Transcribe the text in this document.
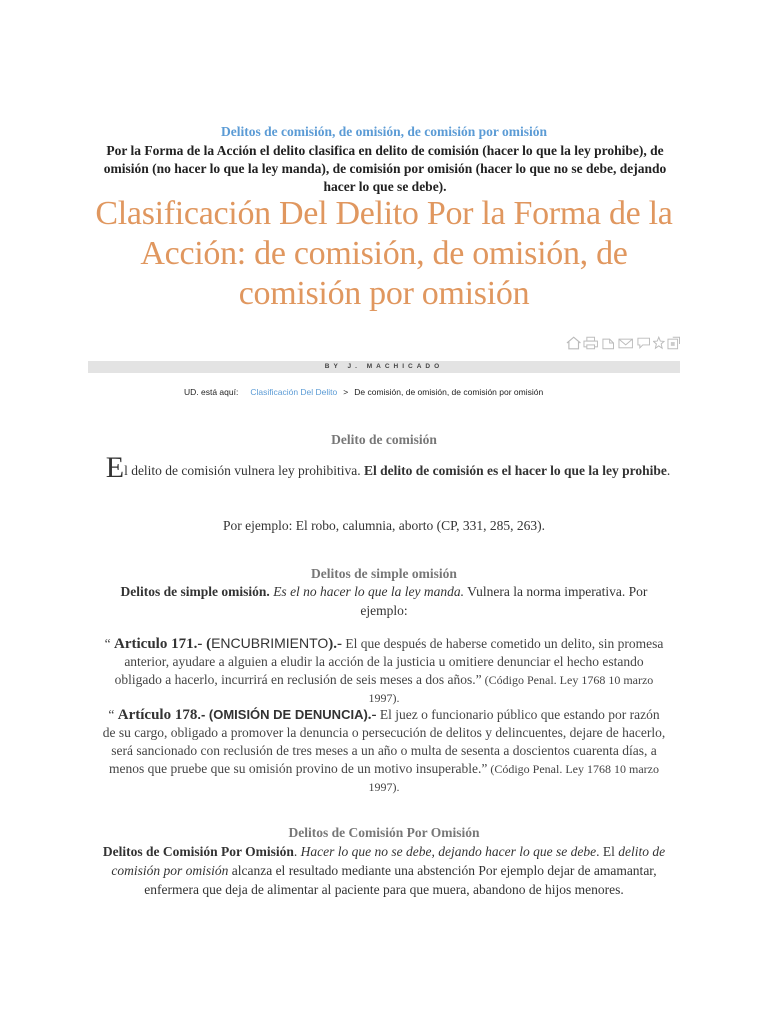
Delitos de comisión, de omisión, de comisión por omisión
Por la Forma de la Acción el delito clasifica en delito de comisión (hacer lo que la ley prohibe), de omisión (no hacer lo que la ley manda), de comisión por omisión (hacer lo que no se debe, dejando hacer lo que se debe).
Clasificación Del Delito Por la Forma de la Acción: de comisión, de omisión, de comisión por omisión
BY J. MACHICADO
UD. está aquí: Clasificación Del Delito > De comisión, de omisión, de comisión por omisión
Delito de comisión
El delito de comisión vulnera ley prohibitiva. El delito de comisión es el hacer lo que la ley prohibe.
Por ejemplo: El robo, calumnia, aborto (CP, 331, 285, 263).
Delitos de simple omisión
Delitos de simple omisión. Es el no hacer lo que la ley manda. Vulnera la norma imperativa. Por ejemplo:
“ Articulo 171.- (ENCUBRIMIENTO).- El que después de haberse cometido un delito, sin promesa anterior, ayudare a alguien a eludir la acción de la justicia u omitiere denunciar el hecho estando obligado a hacerlo, incurrirá en reclusión de seis meses a dos años.” (Código Penal. Ley 1768 10 marzo 1997).
“ Artículo 178.- (OMISIÓN DE DENUNCIA).- El juez o funcionario público que estando por razón de su cargo, obligado a promover la denuncia o persecución de delitos y delincuentes, dejare de hacerlo, será sancionado con reclusión de tres meses a un año o multa de sesenta a doscientos cuarenta días, a menos que pruebe que su omisión provino de un motivo insuperable.” (Código Penal. Ley 1768 10 marzo 1997).
Delitos de Comisión Por Omisión
Delitos de Comisión Por Omisión. Hacer lo que no se debe, dejando hacer lo que se debe. El delito de comisión por omisión alcanza el resultado mediante una abstención Por ejemplo dejar de amamantar, enfermera que deja de alimentar al paciente para que muera, abandono de hijos menores.
